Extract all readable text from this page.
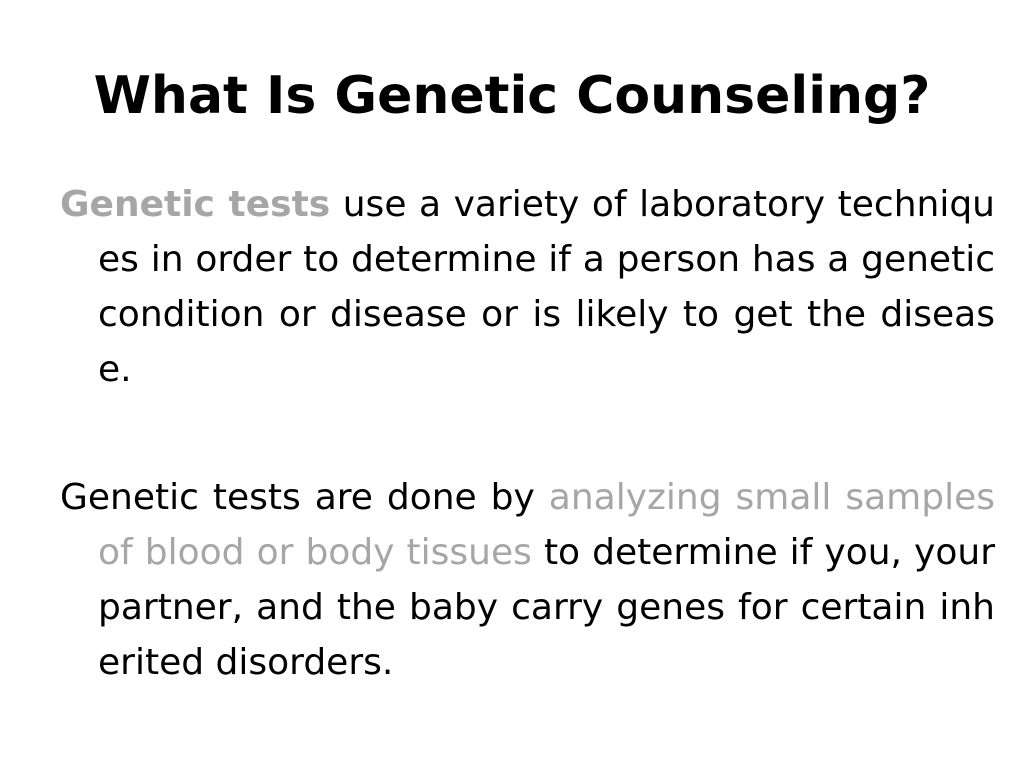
What Is Genetic Counseling?

Genetic tests use a variety of laboratory techniques in order to determine if a person has a genetic condition or disease or is likely to get the disease.

Genetic tests are done by analyzing small samples of blood or body tissues to determine if you, your partner, and the baby carry genes for certain inherited disorders.
